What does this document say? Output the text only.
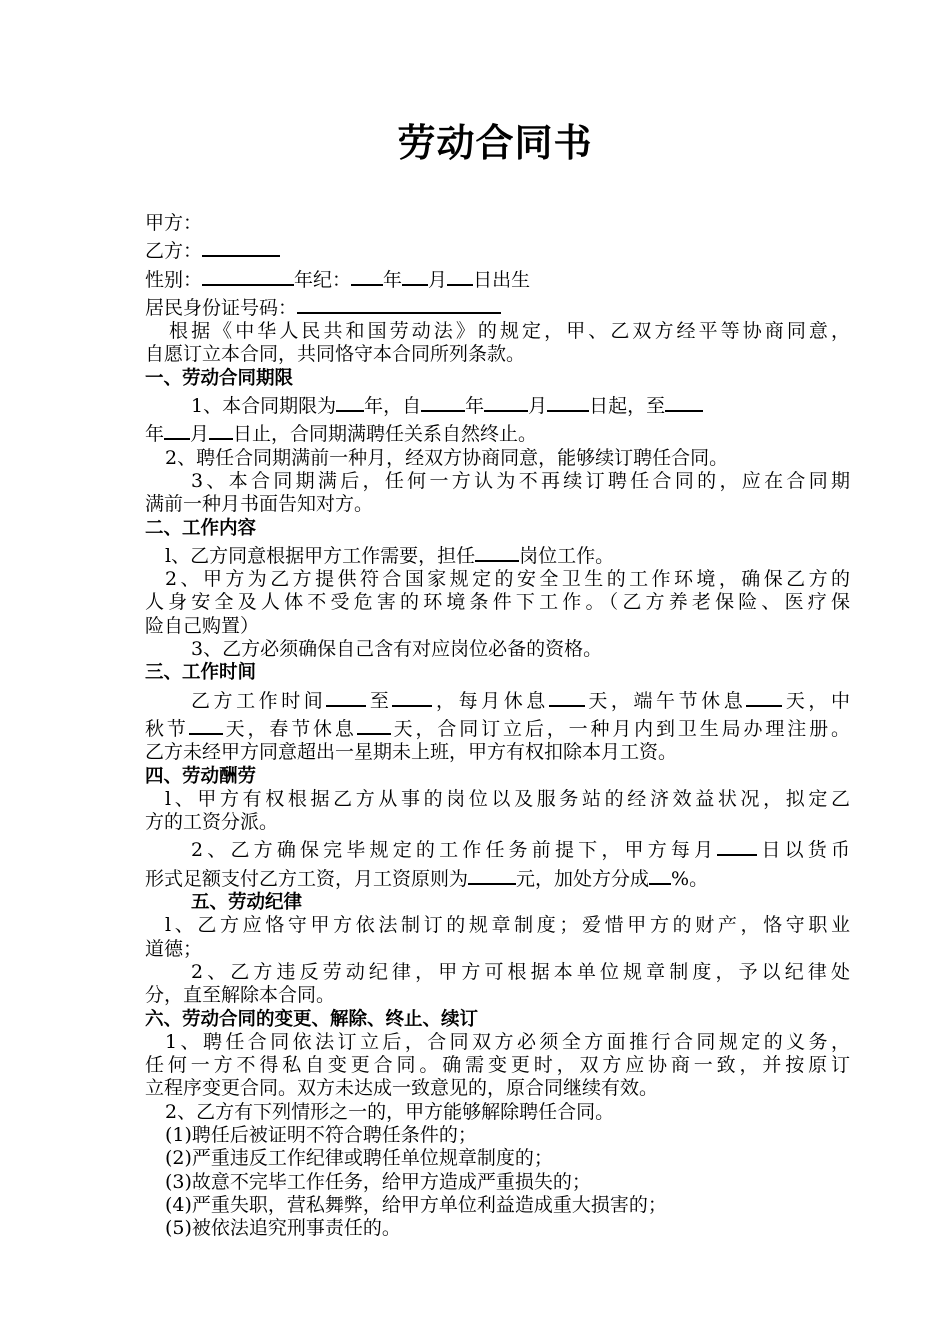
劳动合同书
甲方：
乙方：
性别：	年纪： 年 月 日出生
居民身份证号码：
根据《中华人民共和国劳动法》的规定，甲、乙双方经平等协商同意，
自愿订立本合同，共同恪守本合同所列条款。
一、劳动合同期限
1、本合同期限为 年，自 年 月 日起，至
年 月 日止，合同期满聘任关系自然终止。
2、聘任合同期满前一种月，经双方协商同意，能够续订聘任合同。
3、本合同期满后，任何一方认为不再续订聘任合同的，应在合同期
满前一种月书面告知对方。
二、工作内容
l、乙方同意根据甲方工作需要，担任 岗位工作。
2、甲方为乙方提供符合国家规定的安全卫生的工作环境，确保乙方的
人身安全及人体不受危害的环境条件下工作。（乙方养老保险、医疗保
险自己购置）
3、乙方必须确保自己含有对应岗位必备的资格。
三、工作时间
乙方工作时间 至 ，每月休息 天，端午节休息 天，中
秋节 天，春节休息 天，合同订立后，一种月内到卫生局办理注册。
乙方未经甲方同意超出一星期未上班，甲方有权扣除本月工资。
四、劳动酬劳
l、甲方有权根据乙方从事的岗位以及服务站的经济效益状况，拟定乙
方的工资分派。
2、乙方确保完毕规定的工作任务前提下，甲方每月 日以货币
形式足额支付乙方工资，月工资原则为	元，加处方分成 %。
五、劳动纪律
l、乙方应恪守甲方依法制订的规章制度；爱惜甲方的财产，恪守职业
道德；
2、乙方违反劳动纪律，甲方可根据本单位规章制度，予以纪律处
分，直至解除本合同。
六、劳动合同的变更、解除、终止、续订
1、聘任合同依法订立后，合同双方必须全方面推行合同规定的义务，
任何一方不得私自变更合同。确需变更时，双方应协商一致，并按原订
立程序变更合同。双方未达成一致意见的，原合同继续有效。
2、乙方有下列情形之一的，甲方能够解除聘任合同。
(1)聘任后被证明不符合聘任条件的；
(2)严重违反工作纪律或聘任单位规章制度的；
(3)故意不完毕工作任务，给甲方造成严重损失的；
(4)严重失职，营私舞弊，给甲方单位利益造成重大损害的；
(5)被依法追究刑事责任的。
